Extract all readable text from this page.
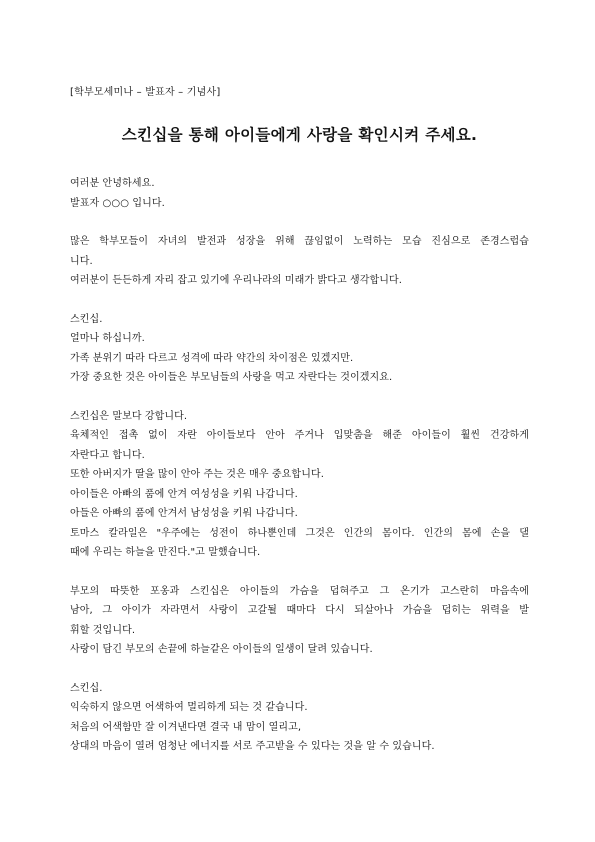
[학부모세미나 – 발표자 – 기념사]
스킨십을 통해 아이들에게 사랑을 확인시켜 주세요.
여러분 안녕하세요.
발표자 ○○○ 입니다.
많은 학부모들이 자녀의 발전과 성장을 위해 끊임없이 노력하는 모습 진심으로 존경스럽습
니다.
여러분이 든든하게 자리 잡고 있기에 우리나라의 미래가 밝다고 생각합니다.
스킨십.
얼마나 하십니까.
가족 분위기 따라 다르고 성격에 따라 약간의 차이점은 있겠지만.
가장 중요한 것은 아이들은 부모님들의 사랑을 먹고 자란다는 것이겠지요.
스킨십은 말보다 강합니다.
육체적인 접촉 없이 자란 아이들보다 안아 주거나 입맞춤을 해준 아이들이 훨씬 건강하게
자란다고 합니다.
또한 아버지가 딸을 많이 안아 주는 것은 매우 중요합니다.
아이들은 아빠의 품에 안겨 여성성을 키워 나갑니다.
아들은 아빠의 품에 안겨서 남성성을 키워 나갑니다.
토마스 칼라일은 "우주에는 성전이 하나뿐인데 그것은 인간의 몸이다. 인간의 몸에 손을 댈
때에 우리는 하늘을 만진다."고 말했습니다.
부모의 따뜻한 포옹과 스킨십은 아이들의 가슴을 덥혀주고 그 온기가 고스란히 마음속에
남아, 그 아이가 자라면서 사랑이 고갈될 때마다 다시 되살아나 가슴을 덥히는 위력을 발
휘할 것입니다.
사랑이 담긴 부모의 손끝에 하늘같은 아이들의 일생이 달려 있습니다.
스킨십.
익숙하지 않으면 어색하여 멀리하게 되는 것 같습니다.
처음의 어색함만 잘 이겨낸다면 결국 내 맘이 열리고,
상대의 마음이 열려 엄청난 에너지를 서로 주고받을 수 있다는 것을 알 수 있습니다.
